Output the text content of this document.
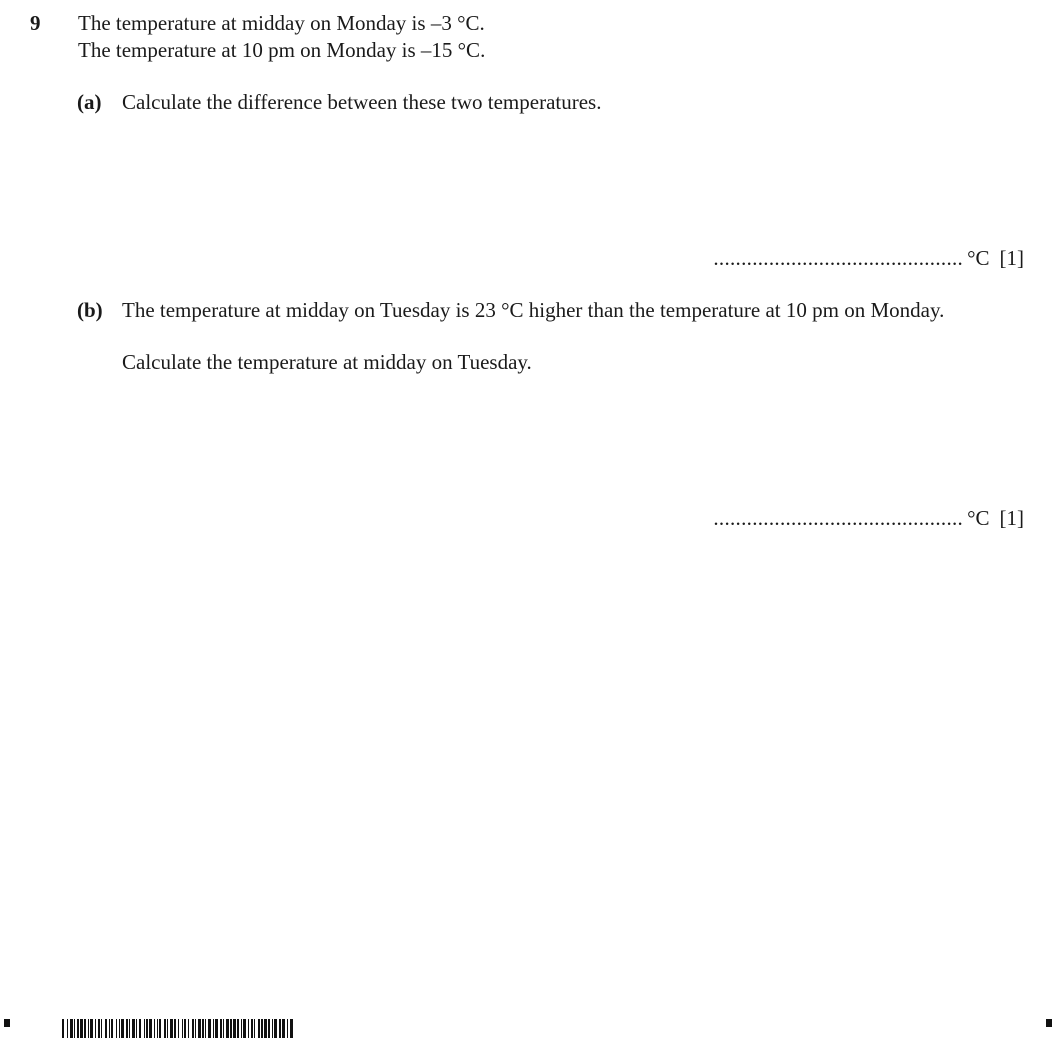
9 The temperature at midday on Monday is –3 °C.
The temperature at 10 pm on Monday is –15 °C.
(a) Calculate the difference between these two temperatures.
............................................. °C [1]
(b) The temperature at midday on Tuesday is 23 °C higher than the temperature at 10 pm on Monday.
Calculate the temperature at midday on Tuesday.
............................................. °C [1]
